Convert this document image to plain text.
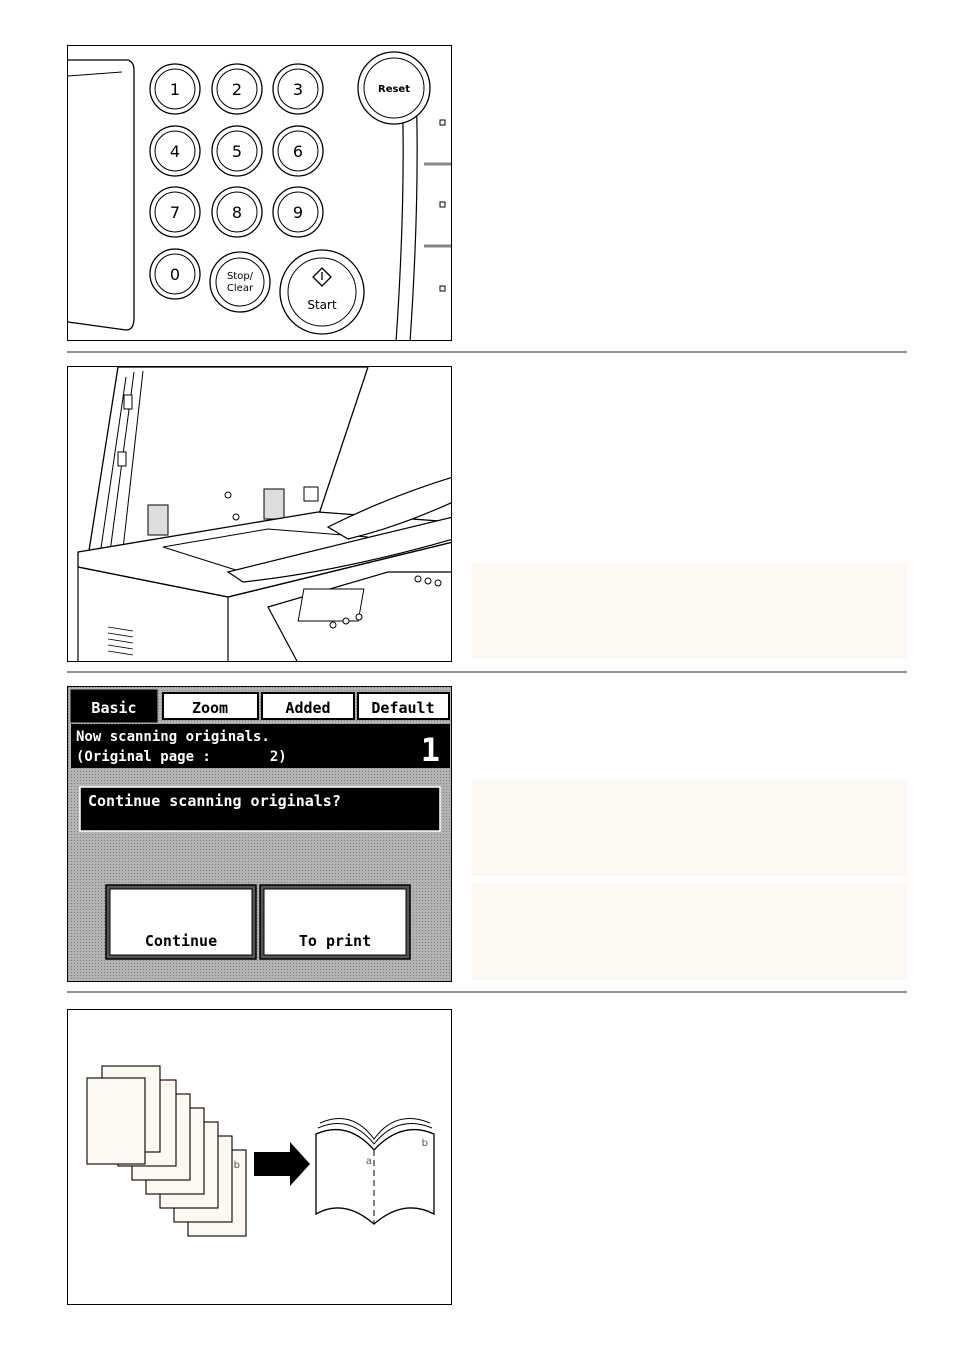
1	2	3
4	5	6
7	8	9
0	Stop/
Clear
Start
Reset
Basic	Zoom	Added	Default
Now scanning originals.
(Original page :       2)	1
Continue scanning originals?
Continue	To print
b	a
b
